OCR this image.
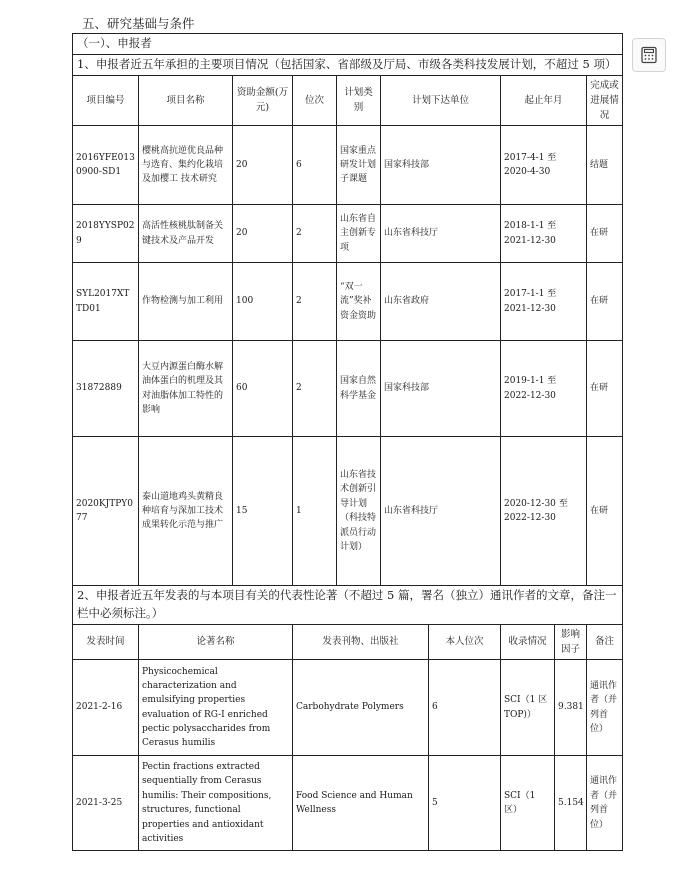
五、研究基础与条件
（一）、申报者									
1、申报者近五年承担的主要项目情况（包括国家、省部级及厅局、市级各类科技发展计划，不超过 5 项）									
项目编号	项目名称	资助金额(万元)	位次	计划类别	计划下达单位		起止年月		完成或进展情况
2016YFE0130900-SD1	樱桃高抗逆优良品种与选育、集约化栽培及加樱工 技术研究	20	6	国家重点研发计划子课题	国家科技部		2017-4-1 至 2020-4-30		结题
2018YYSP029	高活性核桃肽制备关键技术及产品开发	20	2	山东省自主创新专项	山东省科技厅		2018-1-1 至 2021-12-30		在研
SYL2017XTTD01	作物检测与加工利用	100	2	“双一流”奖补资金资助	山东省政府		2017-1-1 至 2021-12-30		在研
31872889	大豆内源蛋白酶水解油体蛋白的机理及其对油脂体加工特性的影响	60	2	国家自然科学基金	国家科技部		2019-1-1 至 2022-12-30		在研
2020KJTPY077	泰山道地鸡头黄精良种培育与深加工技术成果转化示范与推广	15	1	山东省技术创新引导计划（科技特派员行动计划）	山东省科技厅		2020-12-30 至 2022-12-30		在研
2、申报者近五年发表的与本项目有关的代表性论著（不超过 5 篇，署名（独立）通讯作者的文章，备注一栏中必须标注。）									
发表时间	论著名称		发表刊物、出版社			本人位次	收录情况	影响因子	备注
2021-2-16	Physicochemical characterization and emulsifying properties evaluation of RG-I enriched pectic polysaccharides from Cerasus humilis		Carbohydrate Polymers			6	SCI（1 区 TOP)）	9.381	通讯作者（并列首位）
2021-3-25	Pectin fractions extracted sequentially from Cerasus humilis: Their compositions, structures, functional properties and antioxidant activities		Food Science and Human Wellness			5	SCI（1 区）	5.154	通讯作者（并列首位）
